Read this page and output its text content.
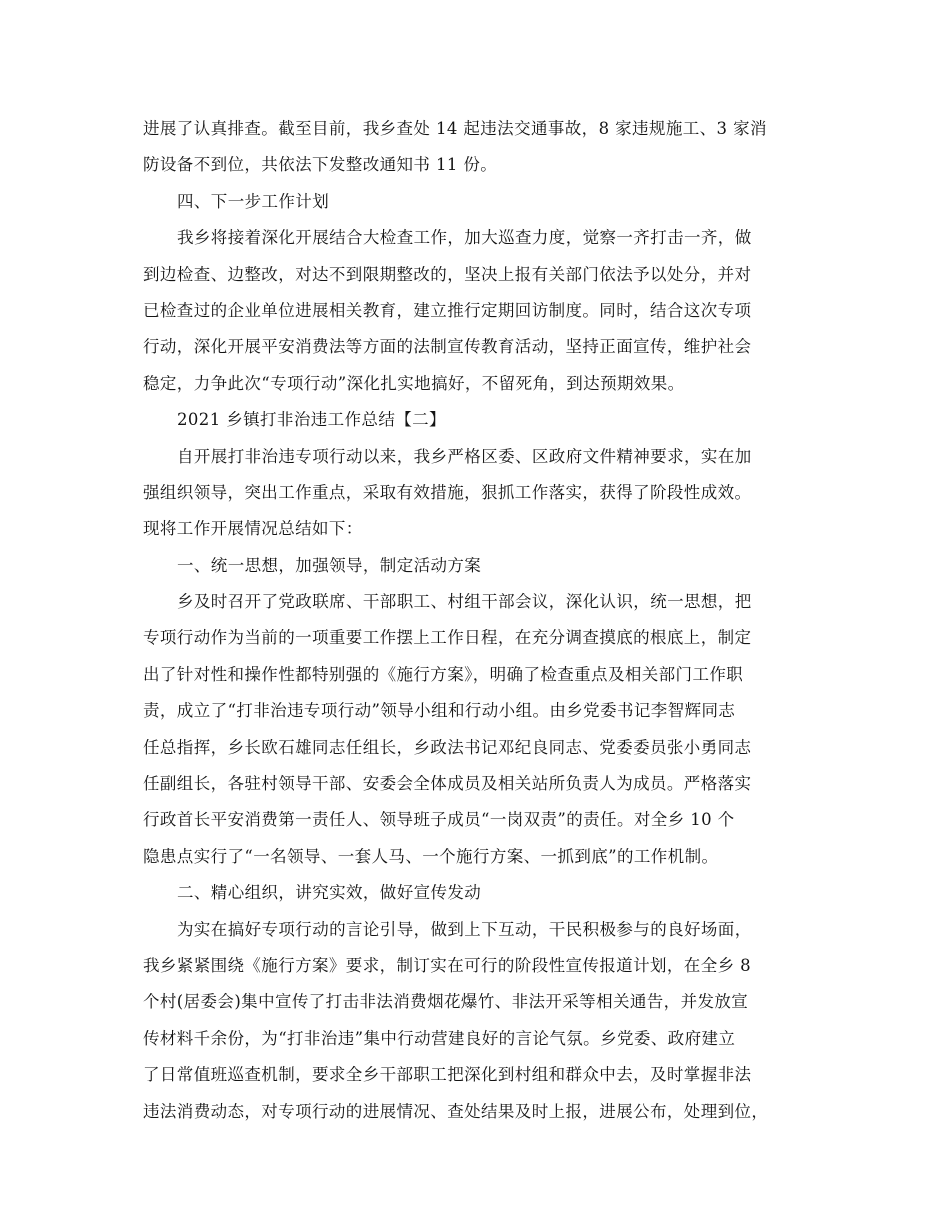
进展了认真排查。截至目前，我乡查处 14 起违法交通事故，8 家违规施工、3 家消
防设备不到位，共依法下发整改通知书 11 份。
四、下一步工作计划
我乡将接着深化开展结合大检查工作，加大巡查力度，觉察一齐打击一齐，做
到边检查、边整改，对达不到限期整改的，坚决上报有关部门依法予以处分，并对
已检查过的企业单位进展相关教育，建立推行定期回访制度。同时，结合这次专项
行动，深化开展平安消费法等方面的法制宣传教育活动，坚持正面宣传，维护社会
稳定，力争此次“专项行动”深化扎实地搞好，不留死角，到达预期效果。
2021 乡镇打非治违工作总结【二】
自开展打非治违专项行动以来，我乡严格区委、区政府文件精神要求，实在加
强组织领导，突出工作重点，采取有效措施，狠抓工作落实，获得了阶段性成效。
现将工作开展情况总结如下：
一、统一思想，加强领导，制定活动方案
乡及时召开了党政联席、干部职工、村组干部会议，深化认识，统一思想，把
专项行动作为当前的一项重要工作摆上工作日程，在充分调查摸底的根底上，制定
出了针对性和操作性都特别强的《施行方案》，明确了检查重点及相关部门工作职
责，成立了“打非治违专项行动”领导小组和行动小组。由乡党委书记李智辉同志
任总指挥，乡长欧石雄同志任组长，乡政法书记邓纪良同志、党委委员张小勇同志
任副组长，各驻村领导干部、安委会全体成员及相关站所负责人为成员。严格落实
行政首长平安消费第一责任人、领导班子成员“一岗双责”的责任。对全乡 10 个
隐患点实行了“一名领导、一套人马、一个施行方案、一抓到底”的工作机制。
二、精心组织，讲究实效，做好宣传发动
为实在搞好专项行动的言论引导，做到上下互动，干民积极参与的良好场面，
我乡紧紧围绕《施行方案》要求，制订实在可行的阶段性宣传报道计划，在全乡 8
个村(居委会)集中宣传了打击非法消费烟花爆竹、非法开采等相关通告，并发放宣
传材料千余份，为“打非治违”集中行动营建良好的言论气氛。乡党委、政府建立
了日常值班巡查机制，要求全乡干部职工把深化到村组和群众中去，及时掌握非法
违法消费动态，对专项行动的进展情况、查处结果及时上报，进展公布，处理到位，
